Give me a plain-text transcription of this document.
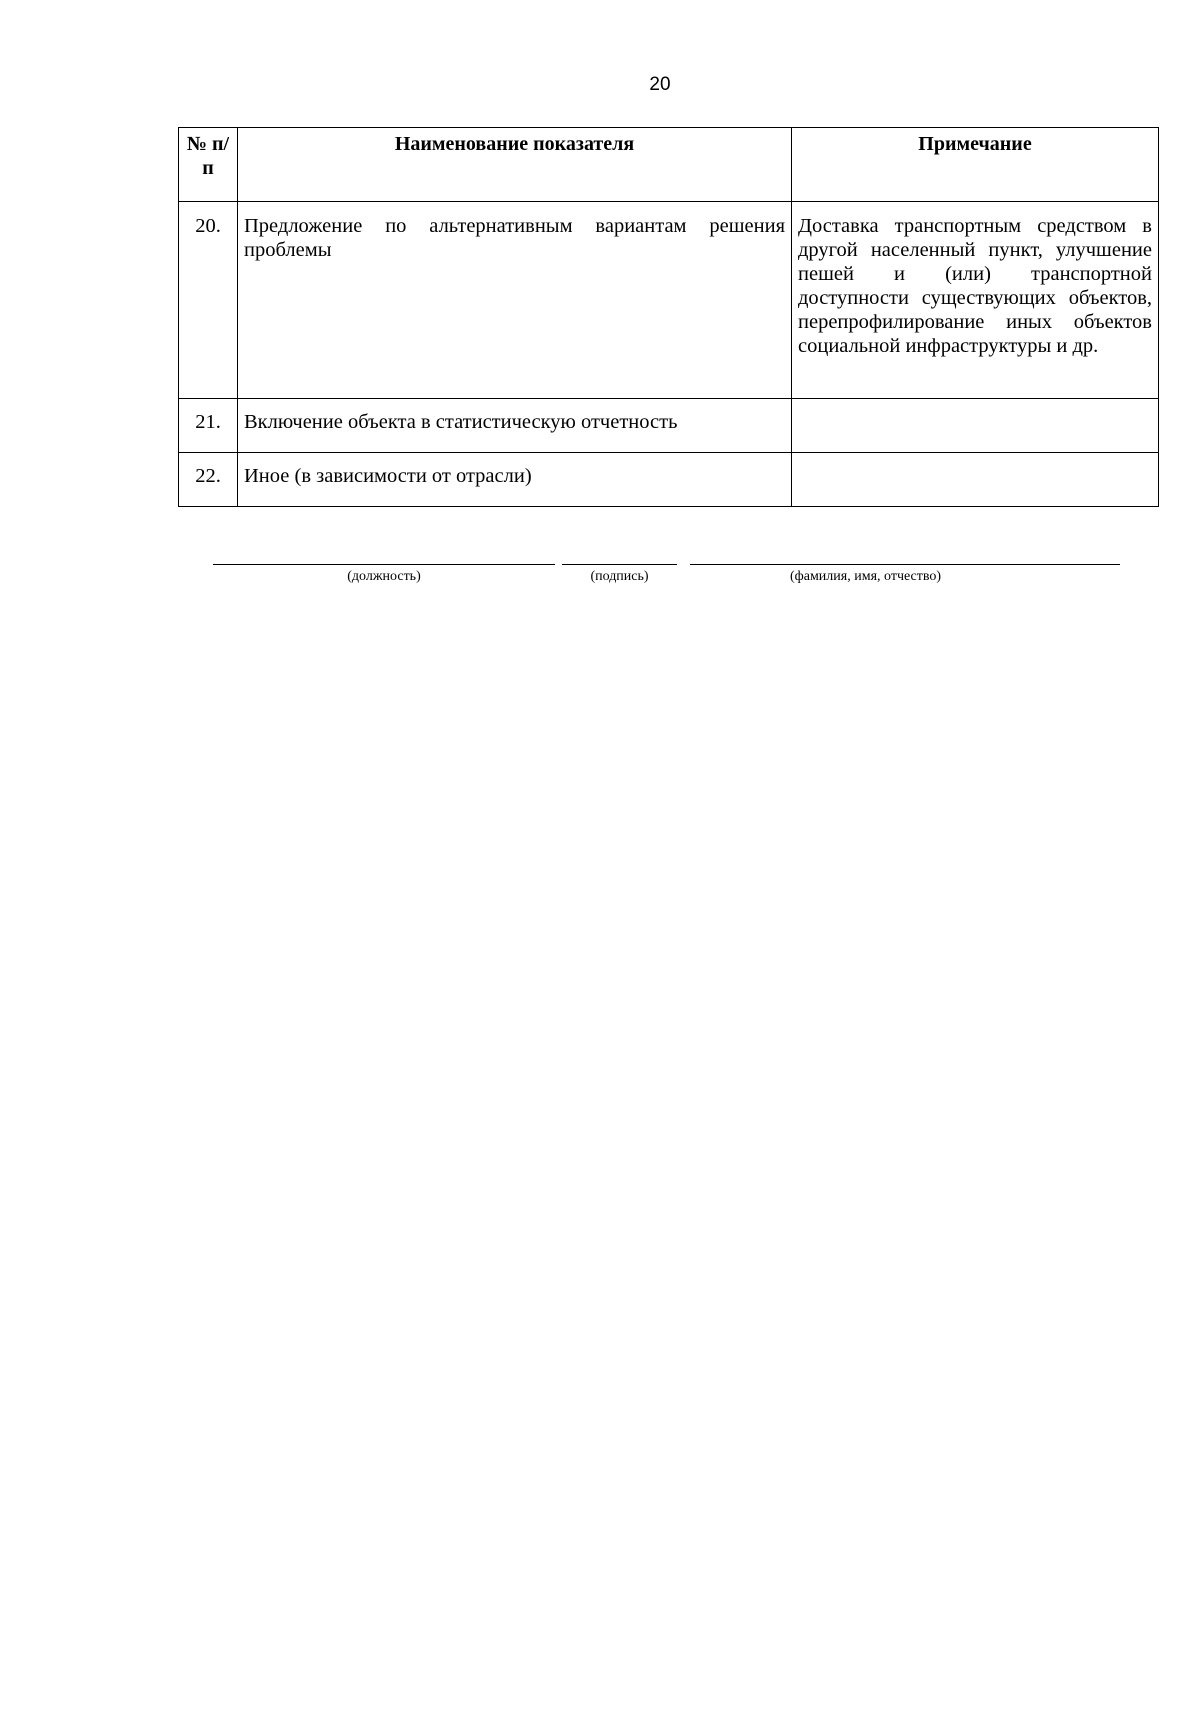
20
№ п/п	Наименование показателя	Примечание
20.	Предложение по альтернативным вариантам решения проблемы	Доставка транспортным средством в другой населенный пункт, улучшение пешей и (или) транспортной доступности существующих объектов, перепрофилирование иных объектов социальной инфраструктуры и др.
21.	Включение объекта в статистическую отчетность	
22.	Иное (в зависимости от отрасли)	
(должность)	(подпись)	(фамилия, имя, отчество)
